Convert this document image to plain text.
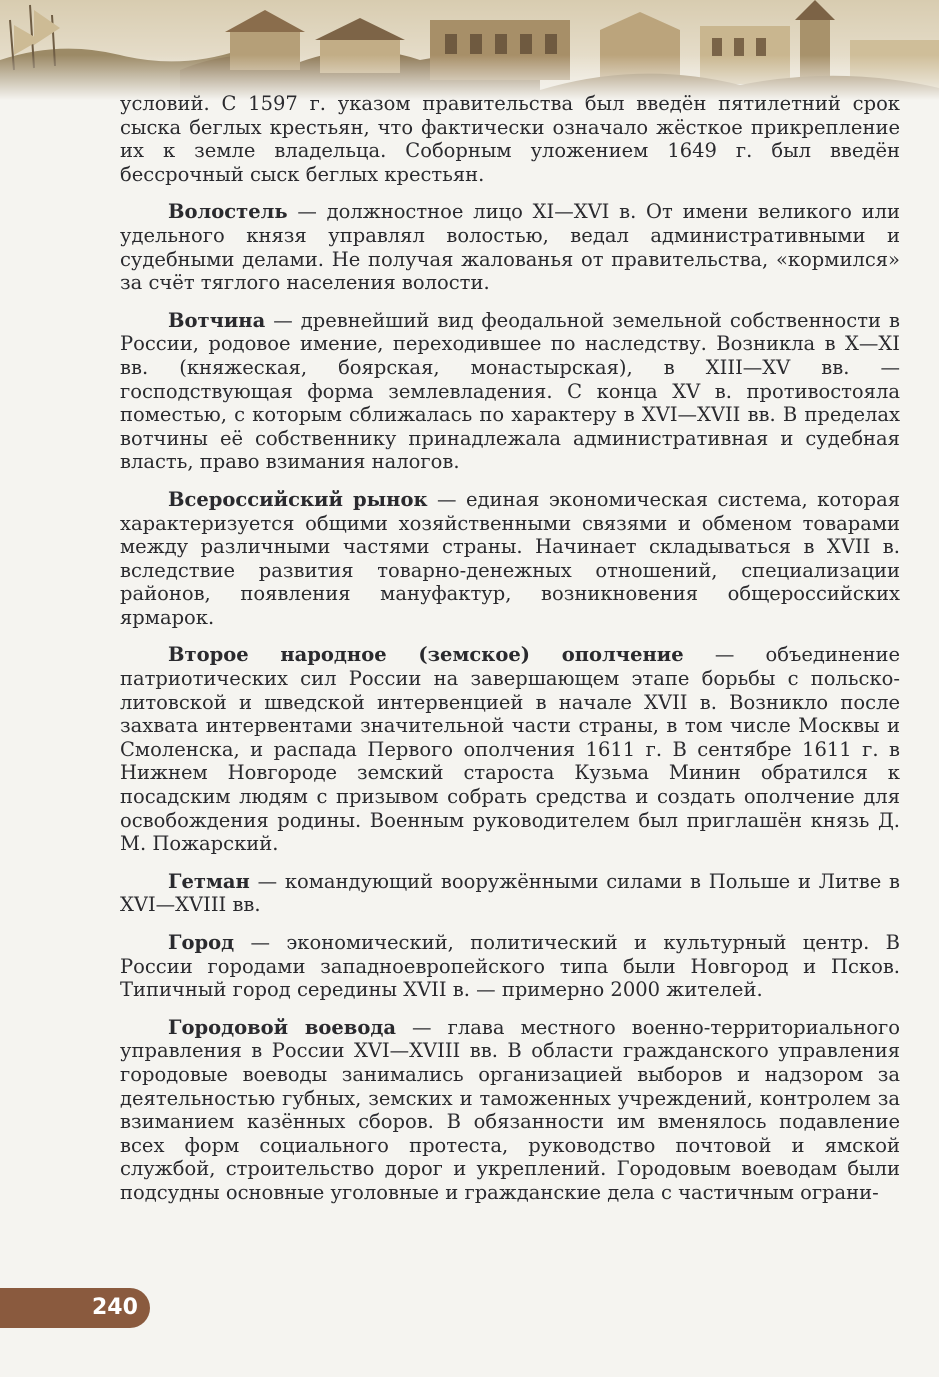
условий. С 1597 г. указом правительства был введён пятилетний срок сыска беглых крестьян, что фактически означало жёсткое прикрепление их к земле владельца. Соборным уложением 1649 г. был введён бессрочный сыск беглых крестьян.

Волостель — должностное лицо XI—XVI в. От имени великого или удельного князя управлял волостью, ведал административными и судебными делами. Не получая жалованья от правительства, «кормился» за счёт тяглого населения волости.

Вотчина — древнейший вид феодальной земельной собственности в России, родовое имение, переходившее по наследству. Возникла в X—XI вв. (княжеская, боярская, монастырская), в XIII—XV вв. — господствующая форма землевладения. С конца XV в. противостояла поместью, с которым сближалась по характеру в XVI—XVII вв. В пределах вотчины её собственнику принадлежала административная и судебная власть, право взимания налогов.

Всероссийский рынок — единая экономическая система, которая характеризуется общими хозяйственными связями и обменом товарами между различными частями страны. Начинает складываться в XVII в. вследствие развития товарно-денежных отношений, специализации районов, появления мануфактур, возникновения общероссийских ярмарок.

Второе народное (земское) ополчение — объединение патриотических сил России на завершающем этапе борьбы с польско-литовской и шведской интервенцией в начале XVII в. Возникло после захвата интервентами значительной части страны, в том числе Москвы и Смоленска, и распада Первого ополчения 1611 г. В сентябре 1611 г. в Нижнем Новгороде земский староста Кузьма Минин обратился к посадским людям с призывом собрать средства и создать ополчение для освобождения родины. Военным руководителем был приглашён князь Д. М. Пожарский.

Гетман — командующий вооружёнными силами в Польше и Литве в XVI—XVIII вв.

Город — экономический, политический и культурный центр. В России городами западноевропейского типа были Новгород и Псков. Типичный город середины XVII в. — примерно 2000 жителей.

Городовой воевода — глава местного военно-территориального управления в России XVI—XVIII вв. В области гражданского управления городовые воеводы занимались организацией выборов и надзором за деятельностью губных, земских и таможенных учреждений, контролем за взиманием казённых сборов. В обязанности им вменялось подавление всех форм социального протеста, руководство почтовой и ямской службой, строительство дорог и укреплений. Городовым воеводам были подсудны основные уголовные и гражданские дела с частичным ограни-

240
